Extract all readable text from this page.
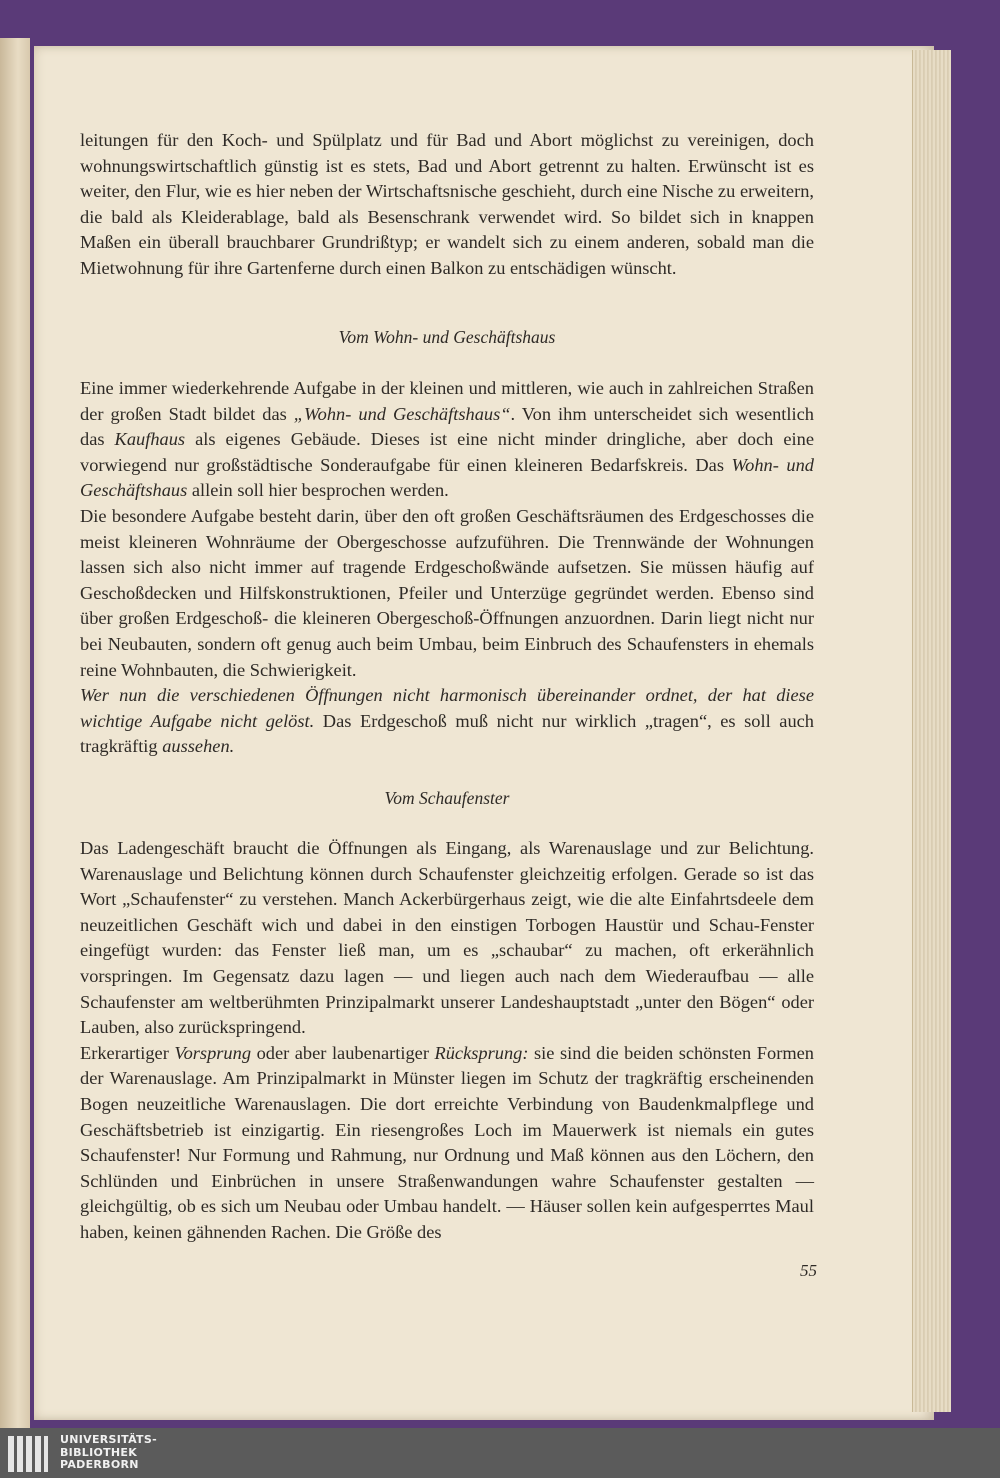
leitungen für den Koch- und Spülplatz und für Bad und Abort möglichst zu vereinigen, doch wohnungswirtschaftlich günstig ist es stets, Bad und Abort getrennt zu halten. Erwünscht ist es weiter, den Flur, wie es hier neben der Wirtschaftsnische geschieht, durch eine Nische zu erweitern, die bald als Kleiderablage, bald als Besenschrank verwendet wird. So bildet sich in knappen Maßen ein überall brauchbarer Grundrißtyp; er wandelt sich zu einem anderen, sobald man die Mietwohnung für ihre Gartenferne durch einen Balkon zu entschädigen wünscht.

Vom Wohn- und Geschäftshaus

Eine immer wiederkehrende Aufgabe in der kleinen und mittleren, wie auch in zahlreichen Straßen der großen Stadt bildet das „Wohn- und Geschäftshaus“. Von ihm unterscheidet sich wesentlich das Kaufhaus als eigenes Gebäude. Dieses ist eine nicht minder dringliche, aber doch eine vorwiegend nur großstädtische Sonderaufgabe für einen kleineren Bedarfskreis. Das Wohn- und Geschäftshaus allein soll hier besprochen werden.

Die besondere Aufgabe besteht darin, über den oft großen Geschäftsräumen des Erdgeschosses die meist kleineren Wohnräume der Obergeschosse aufzuführen. Die Trennwände der Wohnungen lassen sich also nicht immer auf tragende Erdgeschoßwände aufsetzen. Sie müssen häufig auf Geschoßdecken und Hilfskonstruktionen, Pfeiler und Unterzüge gegründet werden. Ebenso sind über großen Erdgeschoß- die kleineren Obergeschoß-Öffnungen anzuordnen. Darin liegt nicht nur bei Neubauten, sondern oft genug auch beim Umbau, beim Einbruch des Schaufensters in ehemals reine Wohnbauten, die Schwierigkeit.

Wer nun die verschiedenen Öffnungen nicht harmonisch übereinander ordnet, der hat diese wichtige Aufgabe nicht gelöst. Das Erdgeschoß muß nicht nur wirklich „tragen“, es soll auch tragkräftig aussehen.

Vom Schaufenster

Das Ladengeschäft braucht die Öffnungen als Eingang, als Warenauslage und zur Belichtung. Warenauslage und Belichtung können durch Schaufenster gleichzeitig erfolgen. Gerade so ist das Wort „Schaufenster“ zu verstehen. Manch Ackerbürgerhaus zeigt, wie die alte Einfahrtsdeele dem neuzeitlichen Geschäft wich und dabei in den einstigen Torbogen Haustür und Schau-Fenster eingefügt wurden: das Fenster ließ man, um es „schaubar“ zu machen, oft erkerähnlich vorspringen. Im Gegensatz dazu lagen — und liegen auch nach dem Wiederaufbau — alle Schaufenster am weltberühmten Prinzipalmarkt unserer Landeshauptstadt „unter den Bögen“ oder Lauben, also zurückspringend.

Erkerartiger Vorsprung oder aber laubenartiger Rücksprung: sie sind die beiden schönsten Formen der Warenauslage. Am Prinzipalmarkt in Münster liegen im Schutz der tragkräftig erscheinenden Bogen neuzeitliche Warenauslagen. Die dort erreichte Verbindung von Baudenkmalpflege und Geschäftsbetrieb ist einzigartig. Ein riesengroßes Loch im Mauerwerk ist niemals ein gutes Schaufenster! Nur Formung und Rahmung, nur Ordnung und Maß können aus den Löchern, den Schlünden und Einbrüchen in unsere Straßenwandungen wahre Schaufenster gestalten — gleichgültig, ob es sich um Neubau oder Umbau handelt. — Häuser sollen kein aufgesperrtes Maul haben, keinen gähnenden Rachen. Die Größe des

55
UNIVERSITÄTS-
BIBLIOTHEK
PADERBORN
